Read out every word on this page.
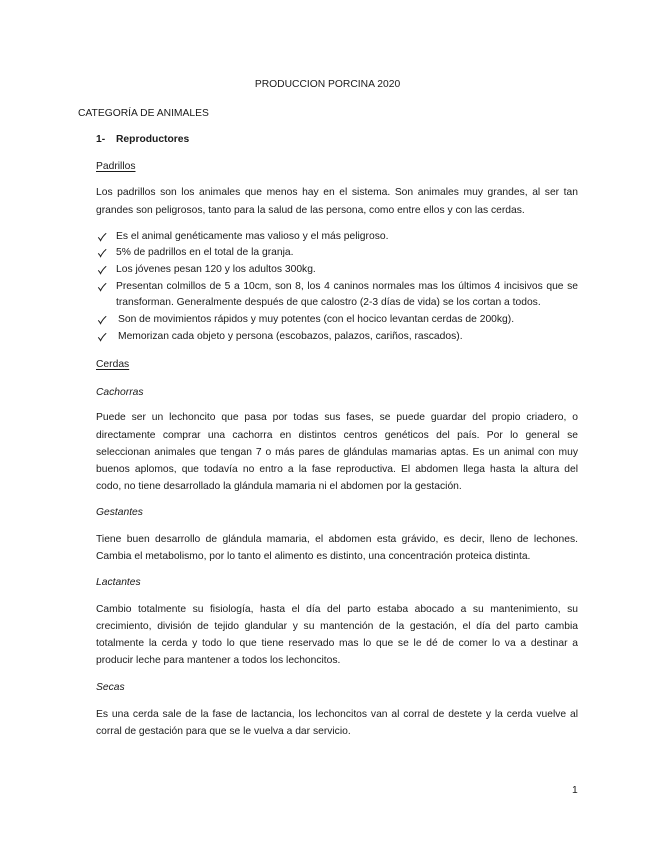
PRODUCCION PORCINA 2020
CATEGORÍA DE ANIMALES
1- Reproductores
Padrillos
Los padrillos son los animales que menos hay en el sistema. Son animales muy grandes, al ser tan
grandes son peligrosos, tanto para la salud de las persona, como entre ellos y con las cerdas.
Es el animal genéticamente mas valioso y el más peligroso.
5% de padrillos en el total de la granja.
Los jóvenes pesan 120 y los adultos 300kg.
Presentan colmillos de 5 a 10cm, son 8, los 4 caninos normales mas los últimos 4 incisivos que se
transforman. Generalmente después de que calostro (2-3 días de vida) se los cortan a todos.
Son de movimientos rápidos y muy potentes (con el hocico levantan cerdas de 200kg).
Memorizan cada objeto y persona (escobazos, palazos, cariños, rascados).
Cerdas
Cachorras
Puede ser un lechoncito que pasa por todas sus fases, se puede guardar del propio criadero, o
directamente comprar una cachorra en distintos centros genéticos del país. Por lo general se
seleccionan animales que tengan 7 o más pares de glándulas mamarias aptas. Es un animal con muy
buenos aplomos, que todavía no entro a la fase reproductiva. El abdomen llega hasta la altura del
codo, no tiene desarrollado la glándula mamaria ni el abdomen por la gestación.
Gestantes
Tiene buen desarrollo de glándula mamaria, el abdomen esta grávido, es decir, lleno de lechones.
Cambia el metabolismo, por lo tanto el alimento es distinto, una concentración proteica distinta.
Lactantes
Cambio totalmente su fisiología, hasta el día del parto estaba abocado a su mantenimiento, su
crecimiento, división de tejido glandular y su mantención de la gestación, el día del parto cambia
totalmente la cerda y todo lo que tiene reservado mas lo que se le dé de comer lo va a destinar a
producir leche para mantener a todos los lechoncitos.
Secas
Es una cerda sale de la fase de lactancia, los lechoncitos van al corral de destete y la cerda vuelve al
corral de gestación para que se le vuelva a dar servicio.
1
